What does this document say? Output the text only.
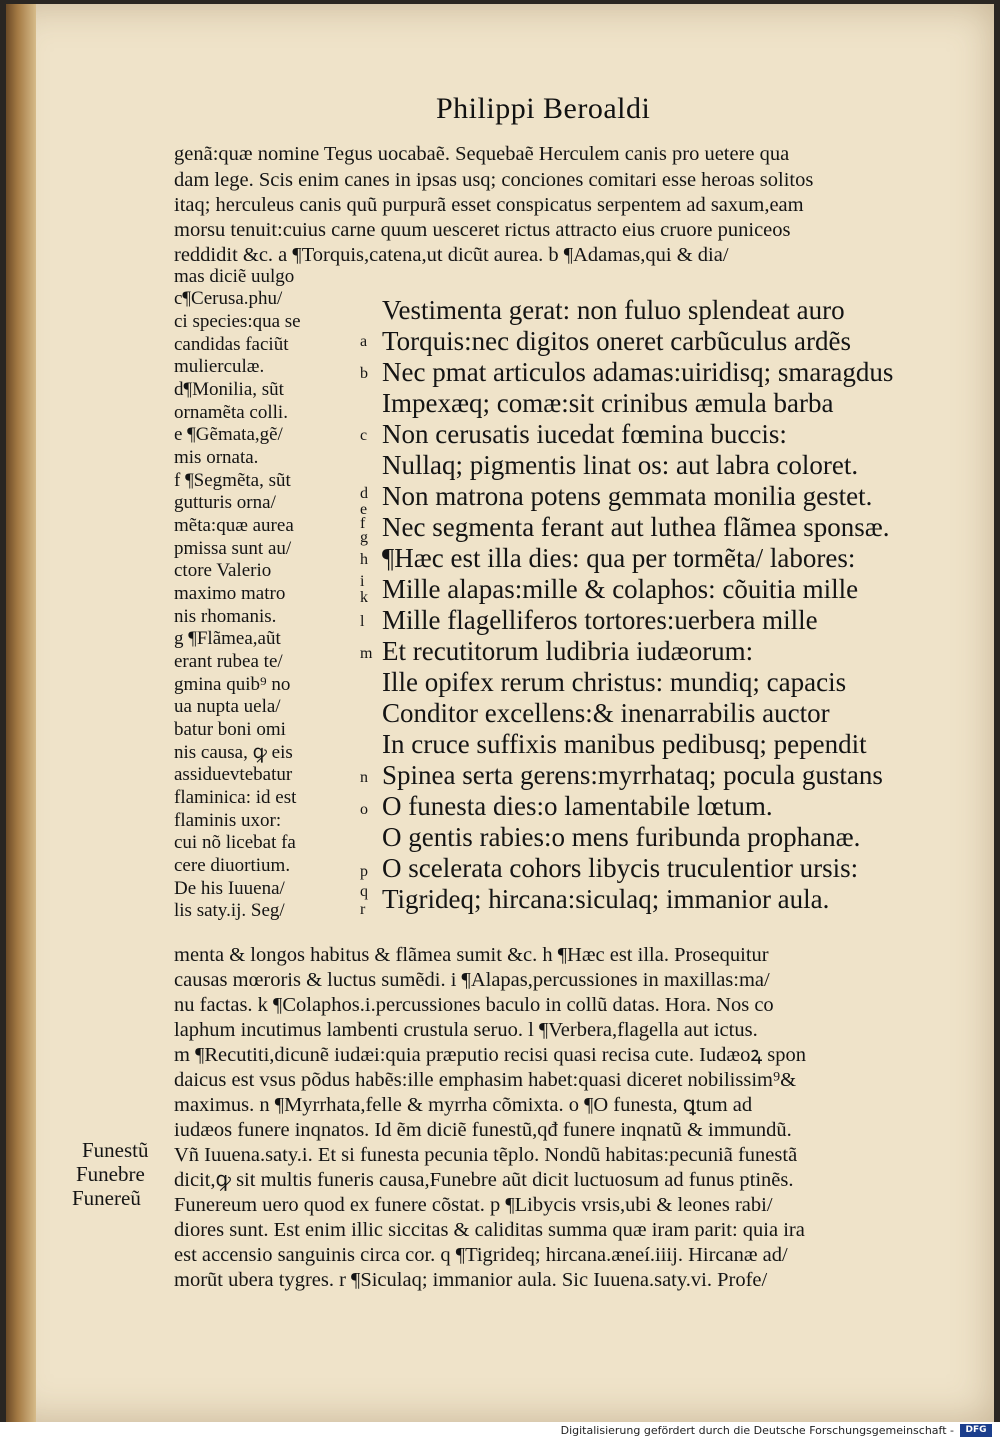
Philippi Beroaldi
genã:quæ nomine Tegus uocabaẽ. Sequebaẽ Herculem canis pro uetere qua
dam lege. Scis enim canes in ipsas usq; conciones comitari esse heroas solitos
itaq; herculeus canis quũ purpurã esset conspicatus serpentem ad saxum,eam
morsu tenuit:cuius carne quum uesceret rictus attracto eius cruore puniceos
reddidit &c. a ¶Torquis,catena,ut dicũt aurea. b ¶Adamas,qui & dia/
mas diciẽ uulgo
c¶Cerusa.phu/
ci species:qua se
candidas faciũt
mulierculæ.
d¶Monilia, sũt
ornamẽta colli.
e ¶Gẽmata,gẽ/
mis ornata.
f ¶Segmẽta, sũt
gutturis orna/
mẽta:quæ aurea
pmissa sunt au/
ctore Valerio
maximo matro
nis rhomanis.
g ¶Flãmea,aũt
erant rubea te/
gmina quib⁹ no
ua nupta uela/
batur boni omi
nis causa, ꝙ eis
assiduevtebatur
flaminica: id est
flaminis uxor:
cui nõ licebat fa
cere diuortium.
De his Iuuena/
lis saty.ij. Seg/
a
b
c
d
e
f
g
h
i
k
l
m
n
o
p
q
r
Vestimenta gerat: non fuluo splendeat auro
Torquis:nec digitos oneret carbũculus ardẽs
Nec pmat articulos adamas:uiridisq; smaragdus
Impexæq; comæ:sit crinibus æmula barba
Non cerusatis iucedat fœmina buccis:
Nullaq; pigmentis linat os: aut labra coloret.
Non matrona potens gemmata monilia gestet.
Nec segmenta ferant aut luthea flãmea sponsæ.
¶Hæc est illa dies: qua per tormẽta/ labores:
Mille alapas:mille & colaphos: cõuitia mille
Mille flagelliferos tortores:uerbera mille
Et recutitorum ludibria iudæorum:
Ille opifex rerum christus: mundiq; capacis
Conditor excellens:& inenarrabilis auctor
In cruce suffixis manibus pedibusq; pependit
Spinea serta gerens:myrrhataq; pocula gustans
O funesta dies:o lamentabile lœtum.
O gentis rabies:o mens furibunda prophanæ.
O scelerata cohors libycis truculentior ursis:
Tigrideq; hircana:siculaq; immanior aula.
menta & longos habitus & flãmea sumit &c. h ¶Hæc est illa. Prosequitur
causas mœroris & luctus sumẽdi. i ¶Alapas,percussiones in maxillas:ma/
nu factas. k ¶Colaphos.i.percussiones baculo in collũ datas. Hora. Nos co
laphum incutimus lambenti crustula seruo. l ¶Verbera,flagella aut ictus.
m ¶Recutiti,dicunẽ iudæi:quia præputio recisi quasi recisa cute. Iudæoꝝ spon
daicus est vsus põdus habẽs:ille emphasim habet:quasi diceret nobilissim⁹&
maximus. n ¶Myrrhata,felle & myrrha cõmixta. o ¶O funesta, ꝗtum ad
iudæos funere inqnatos. Id ẽm diciẽ funestũ,qđ funere inqnatũ & immundũ.
Vñ Iuuena.saty.i. Et si funesta pecunia tẽplo. Nondũ habitas:pecuniã funestã
dicit,ꝙ sit multis funeris causa,Funebre aũt dicit luctuosum ad funus ptinẽs.
Funereum uero quod ex funere cõstat. p ¶Libycis vrsis,ubi & leones rabi/
diores sunt. Est enim illic siccitas & caliditas summa quæ iram parit: quia ira
est accensio sanguinis circa cor. q ¶Tigrideq; hircana.æneí.iiij. Hircanæ ad/
morũt ubera tygres. r ¶Siculaq; immanior aula. Sic Iuuena.saty.vi. Profe/
Funestũ
Funebre
Funereũ
Digitalisierung gefördert durch die Deutsche Forschungsgemeinschaft -	DFG
